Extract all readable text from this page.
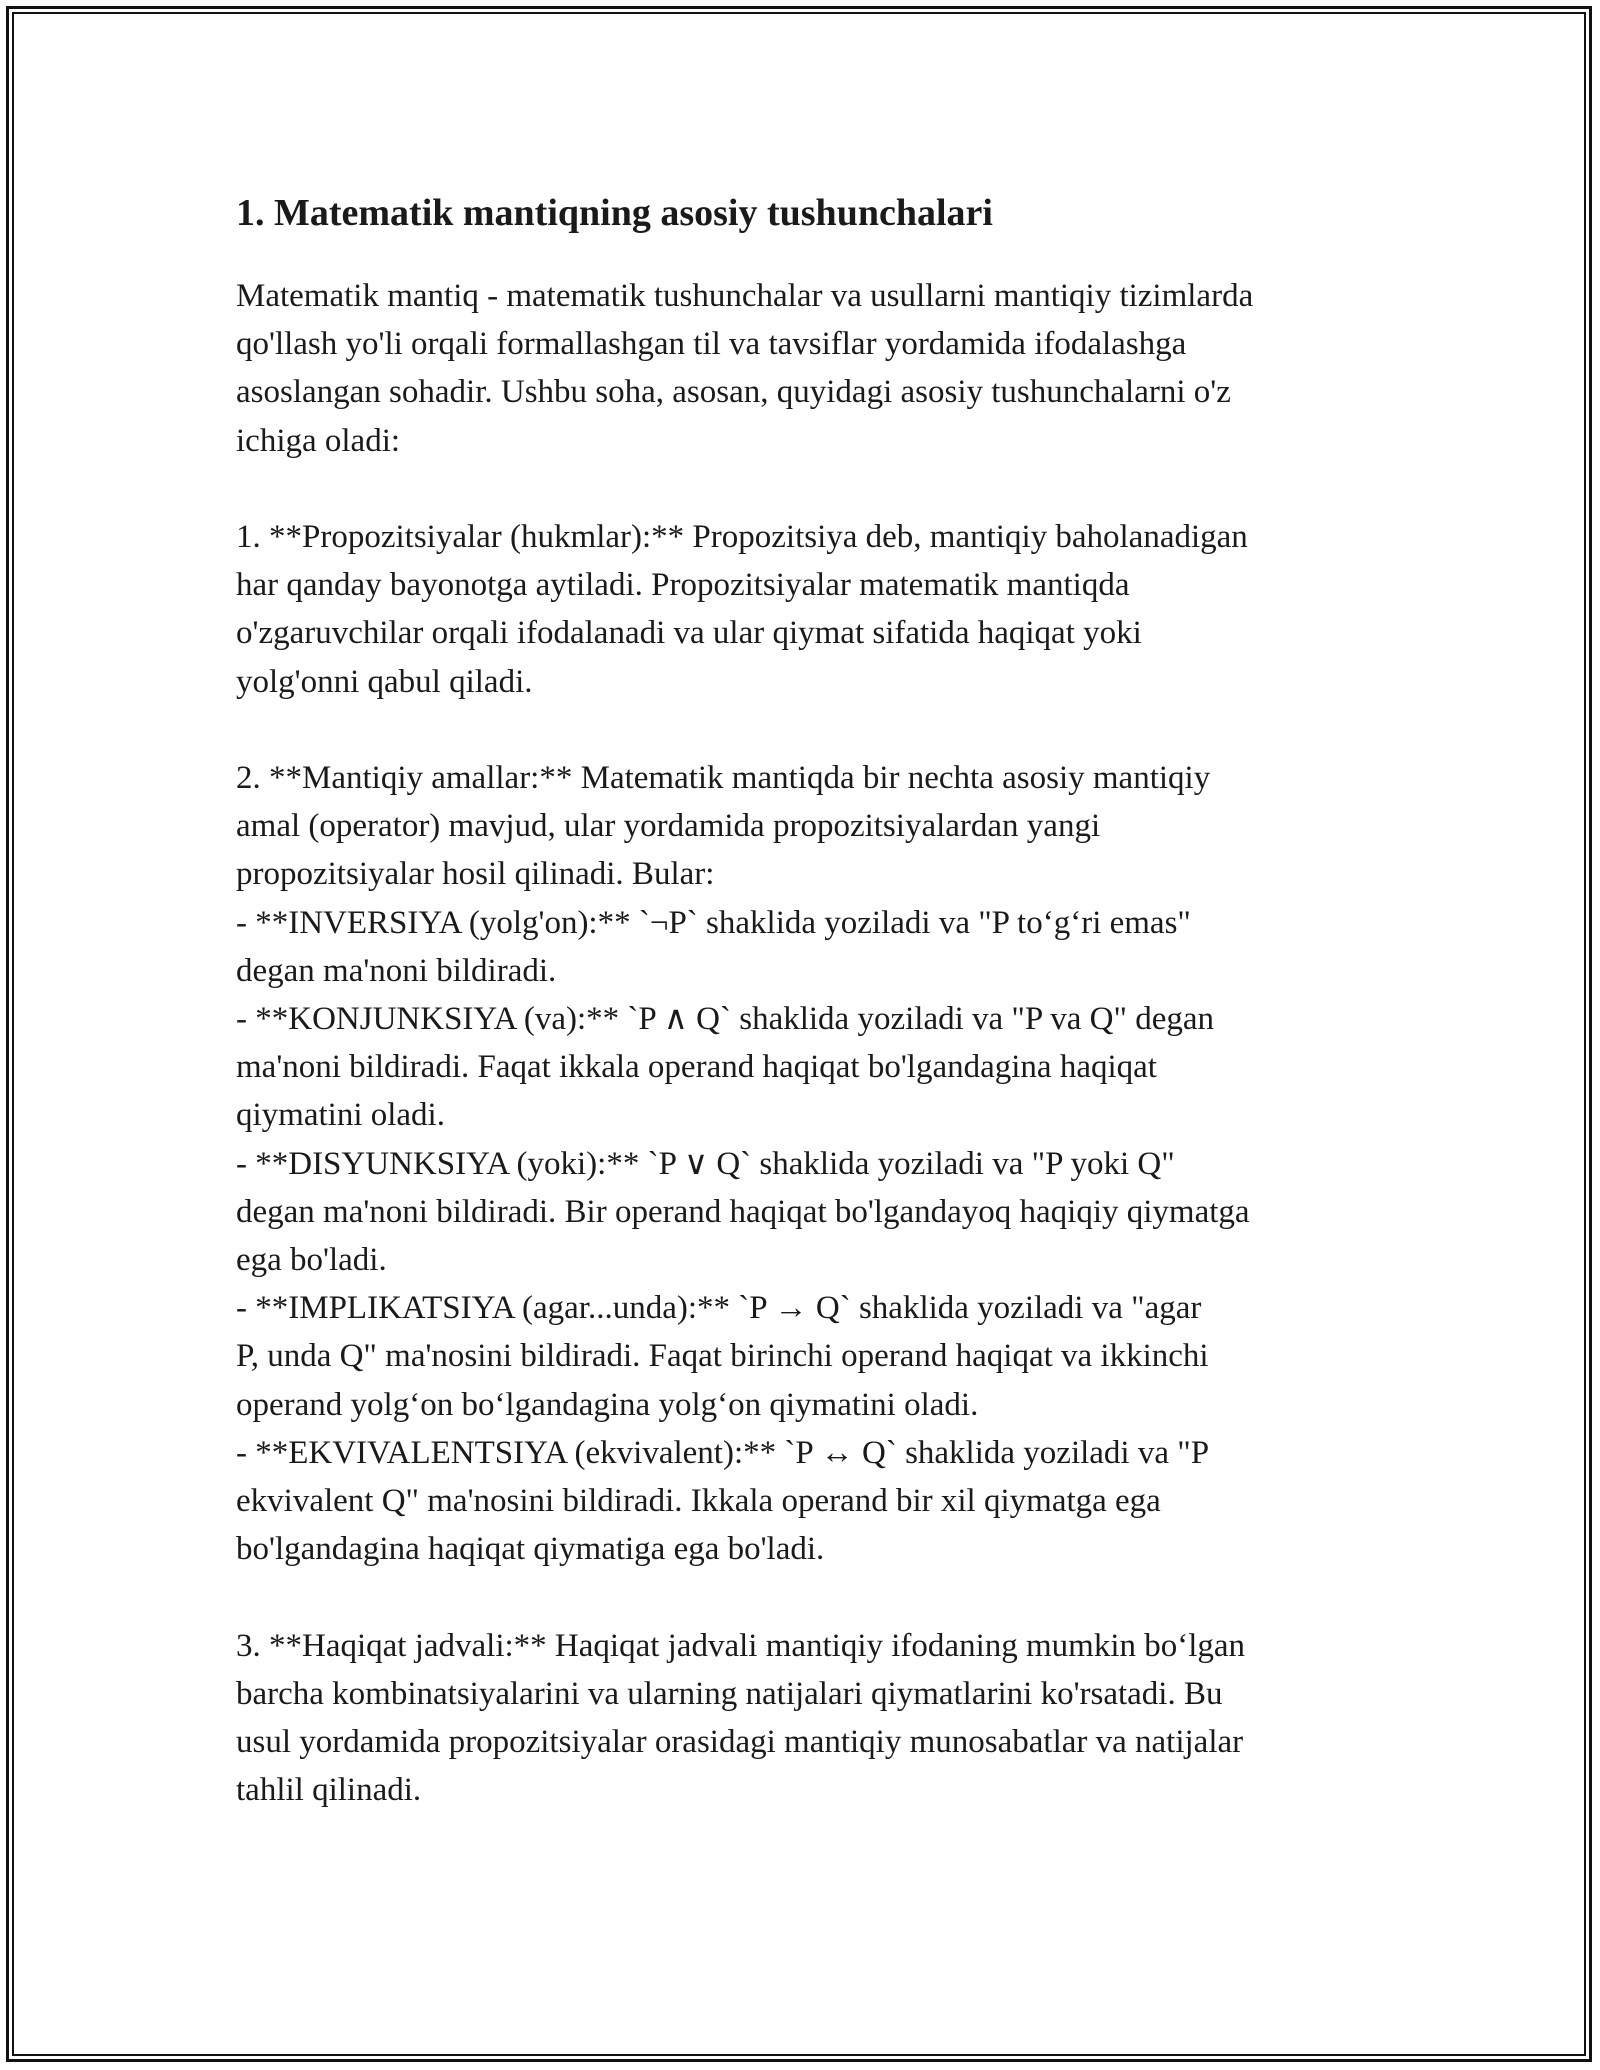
1. Matematik mantiqning asosiy tushunchalari

Matematik mantiq - matematik tushunchalar va usullarni mantiqiy tizimlarda
qo'llash yo'li orqali formallashgan til va tavsiflar yordamida ifodalashga
asoslangan sohadir. Ushbu soha, asosan, quyidagi asosiy tushunchalarni o'z
ichiga oladi:

1. **Propozitsiyalar (hukmlar):** Propozitsiya deb, mantiqiy baholanadigan
har qanday bayonotga aytiladi. Propozitsiyalar matematik mantiqda
o'zgaruvchilar orqali ifodalanadi va ular qiymat sifatida haqiqat yoki
yolg'onni qabul qiladi.

2. **Mantiqiy amallar:** Matematik mantiqda bir nechta asosiy mantiqiy
amal (operator) mavjud, ular yordamida propozitsiyalardan yangi
propozitsiyalar hosil qilinadi. Bular:

- **INVERSIYA (yolg'on):** `¬P` shaklida yoziladi va "P to‘g‘ri emas"
degan ma'noni bildiradi.

- **KONJUNKSIYA (va):** `P ∧ Q` shaklida yoziladi va "P va Q" degan
ma'noni bildiradi. Faqat ikkala operand haqiqat bo'lgandagina haqiqat
qiymatini oladi.

- **DISYUNKSIYA (yoki):** `P ∨ Q` shaklida yoziladi va "P yoki Q"
degan ma'noni bildiradi. Bir operand haqiqat bo'lgandayoq haqiqiy qiymatga
ega bo'ladi.

- **IMPLIKATSIYA (agar...unda):** `P → Q` shaklida yoziladi va "agar
P, unda Q" ma'nosini bildiradi. Faqat birinchi operand haqiqat va ikkinchi
operand yolg‘on bo‘lgandagina yolg‘on qiymatini oladi.

- **EKVIVALENTSIYA (ekvivalent):** `P ↔ Q` shaklida yoziladi va "P
ekvivalent Q" ma'nosini bildiradi. Ikkala operand bir xil qiymatga ega
bo'lgandagina haqiqat qiymatiga ega bo'ladi.

3. **Haqiqat jadvali:** Haqiqat jadvali mantiqiy ifodaning mumkin bo‘lgan
barcha kombinatsiyalarini va ularning natijalari qiymatlarini ko'rsatadi. Bu
usul yordamida propozitsiyalar orasidagi mantiqiy munosabatlar va natijalar
tahlil qilinadi.
